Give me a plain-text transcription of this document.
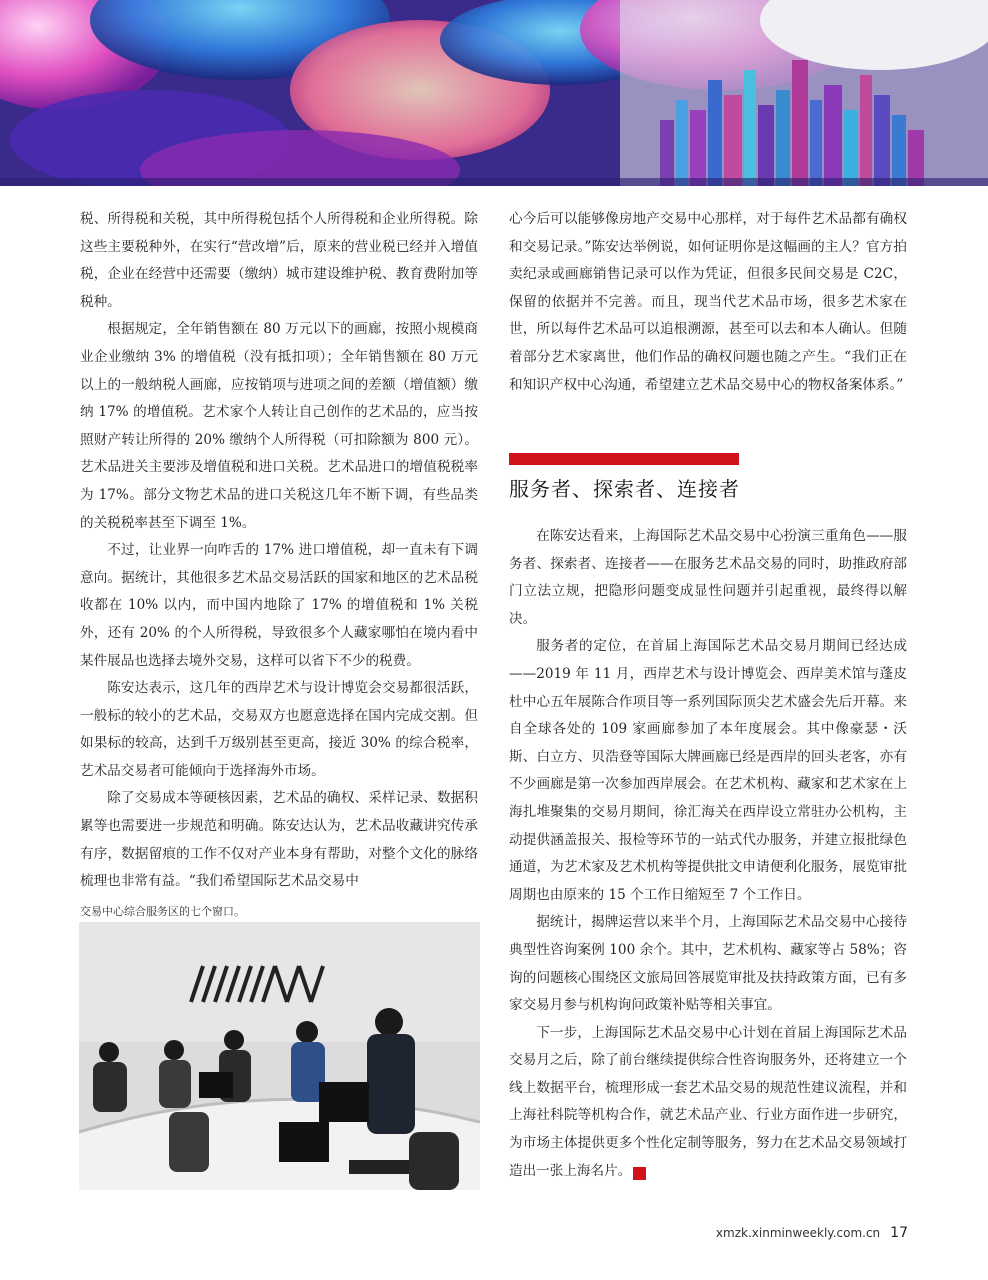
税、所得税和关税，其中所得税包括个人所得税和企业所得税。除这些主要税种外，在实行“营改增”后，原来的营业税已经并入增值税，企业在经营中还需要（缴纳）城市建设维护税、教育费附加等税种。

根据规定，全年销售额在 80 万元以下的画廊，按照小规模商业企业缴纳 3% 的增值税（没有抵扣项）；全年销售额在 80 万元以上的一般纳税人画廊，应按销项与进项之间的差额（增值额）缴纳 17% 的增值税。艺术家个人转让自己创作的艺术品的，应当按照财产转让所得的 20% 缴纳个人所得税（可扣除额为 800 元）。艺术品进关主要涉及增值税和进口关税。艺术品进口的增值税税率为 17%。部分文物艺术品的进口关税这几年不断下调，有些品类的关税税率甚至下调至 1%。

不过，让业界一向咋舌的 17% 进口增值税，却一直未有下调意向。据统计，其他很多艺术品交易活跃的国家和地区的艺术品税收都在 10% 以内，而中国内地除了 17% 的增值税和 1% 关税外，还有 20% 的个人所得税，导致很多个人藏家哪怕在境内看中某件展品也选择去境外交易，这样可以省下不少的税费。

陈安达表示，这几年的西岸艺术与设计博览会交易都很活跃，一般标的较小的艺术品，交易双方也愿意选择在国内完成交割。但如果标的较高，达到千万级别甚至更高，接近 30% 的综合税率，艺术品交易者可能倾向于选择海外市场。

除了交易成本等硬核因素，艺术品的确权、采样记录、数据积累等也需要进一步规范和明确。陈安达认为，艺术品收藏讲究传承有序，数据留痕的工作不仅对产业本身有帮助，对整个文化的脉络梳理也非常有益。“我们希望国际艺术品交易中

心今后可以能够像房地产交易中心那样，对于每件艺术品都有确权和交易记录。”陈安达举例说，如何证明你是这幅画的主人？官方拍卖纪录或画廊销售记录可以作为凭证，但很多民间交易是 C2C，保留的依据并不完善。而且，现当代艺术品市场，很多艺术家在世，所以每件艺术品可以追根溯源，甚至可以去和本人确认。但随着部分艺术家离世，他们作品的确权问题也随之产生。“我们正在和知识产权中心沟通，希望建立艺术品交易中心的物权备案体系。”

服务者、探索者、连接者

在陈安达看来，上海国际艺术品交易中心扮演三重角色——服务者、探索者、连接者——在服务艺术品交易的同时，助推政府部门立法立规，把隐形问题变成显性问题并引起重视，最终得以解决。

服务者的定位，在首届上海国际艺术品交易月期间已经达成——2019 年 11 月，西岸艺术与设计博览会、西岸美术馆与蓬皮杜中心五年展陈合作项目等一系列国际顶尖艺术盛会先后开幕。来自全球各处的 109 家画廊参加了本年度展会。其中像豪瑟・沃斯、白立方、贝浩登等国际大牌画廊已经是西岸的回头老客，亦有不少画廊是第一次参加西岸展会。在艺术机构、藏家和艺术家在上海扎堆聚集的交易月期间，徐汇海关在西岸设立常驻办公机构，主动提供涵盖报关、报检等环节的一站式代办服务，并建立报批绿色通道，为艺术家及艺术机构等提供批文申请便利化服务，展览审批周期也由原来的 15 个工作日缩短至 7 个工作日。

据统计，揭牌运营以来半个月，上海国际艺术品交易中心接待典型性咨询案例 100 余个。其中，艺术机构、藏家等占 58%；咨询的问题核心围绕区文旅局回答展览审批及扶持政策方面，已有多家交易月参与机构询问政策补贴等相关事宜。

下一步，上海国际艺术品交易中心计划在首届上海国际艺术品交易月之后，除了前台继续提供综合性咨询服务外，还将建立一个线上数据平台，梳理形成一套艺术品交易的规范性建议流程，并和上海社科院等机构合作，就艺术品产业、行业方面作进一步研究，为市场主体提供更多个性化定制等服务，努力在艺术品交易领域打造出一张上海名片。	民

交易中心综合服务区的七个窗口。
xmzk.xinminweekly.com.cn 17
